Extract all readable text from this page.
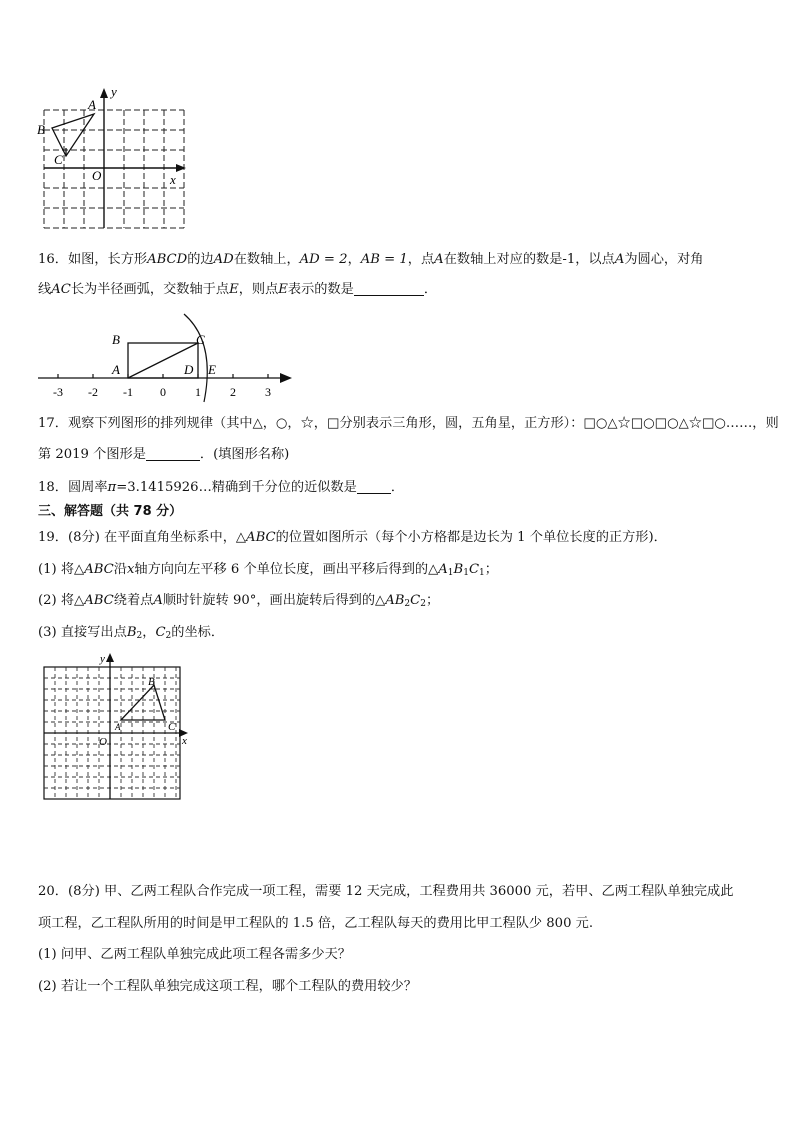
y
x
O
A
B
C
16．如图，长方形ABCD的边AD在数轴上，AD = 2，AB = 1，点A在数轴上对应的数是-1，以点A为圆心，对角
线AC长为半径画弧，交数轴于点E，则点E表示的数是	．
-3 -2 -1 0 1 2 3
B	C
A	D E
17．观察下列图形的排列规律（其中△，○，☆，□分别表示三角形，圆，五角星，正方形）：□○△☆□○□○△☆□○……，则
第 2019 个图形是	．(填图形名称)
18．圆周率π=3.1415926…精确到千分位的近似数是	．
三、解答题（共 78 分）
19．(8分) 在平面直角坐标系中，△ABC的位置如图所示（每个小方格都是边长为 1 个单位长度的正方形)．
(1) 将△ABC沿x轴方向向左平移 6 个单位长度，画出平移后得到的$\triangle A_1B_1C_1$；
(2) 将△ABC绕着点A顺时针旋转 90°，画出旋转后得到的$\triangle AB_2C_2$；
(3) 直接写出点$B_2$，$C_2$的坐标．
y
x
O
A
B
C
20．(8分) 甲、乙两工程队合作完成一项工程，需要 12 天完成，工程费用共 36000 元，若甲、乙两工程队单独完成此
项工程，乙工程队所用的时间是甲工程队的 1.5 倍，乙工程队每天的费用比甲工程队少 800 元.
(1) 问甲、乙两工程队单独完成此项工程各需多少天？
(2) 若让一个工程队单独完成这项工程，哪个工程队的费用较少？
